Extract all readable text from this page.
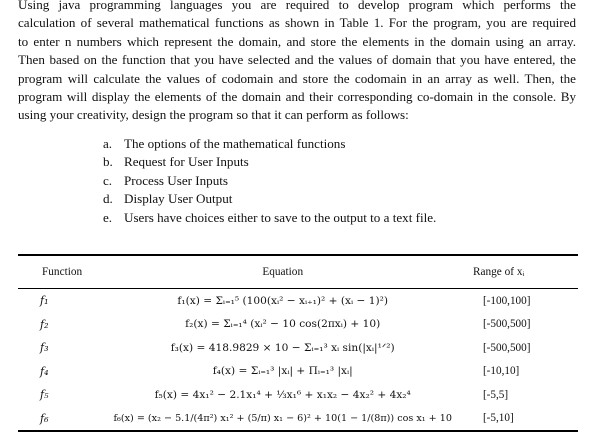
Using java programming languages you are required to develop program which performs the
calculation of several mathematical functions as shown in Table 1. For the program, you are required
to enter n numbers which represent the domain, and store the elements in the domain using an array.
Then based on the function that you have selected and the values of domain that you have entered, the
program will calculate the values of codomain and store the codomain in an array as well. Then, the
program will display the elements of the domain and their corresponding co-domain in the console. By
using your creativity, design the program so that it can perform as follows:
a. The options of the mathematical functions
b. Request for User Inputs
c. Process User Inputs
d. Display User Output
e. Users have choices either to save to the output to a text file.
Function	Equation	Range of xᵢ
f₁	f₁(x) = Σᵢ₌₁⁵ (100(xᵢ² − xᵢ₊₁)² + (xᵢ − 1)²)	[-100,100]
f₂	f₂(x) = Σᵢ₌₁⁴ (xᵢ² − 10 cos(2πxᵢ) + 10)	[-500,500]
f₃	f₃(x) = 418.9829 × 10 − Σᵢ₌₁³ xᵢ sin(|xᵢ|¹ᐟ²)	[-500,500]
f₄	f₄(x) = Σᵢ₌₁³ |xᵢ| + Πᵢ₌₁³ |xᵢ|	[-10,10]
f₅	f₅(x) = 4x₁² − 2.1x₁⁴ + ⅓x₁⁶ + x₁x₂ − 4x₂² + 4x₂⁴	[-5,5]
f₆	f₆(x) = (x₂ − 5.1/(4π²) x₁² + (5/π) x₁ − 6)² + 10(1 − 1/(8π)) cos x₁ + 10	[-5,10]
